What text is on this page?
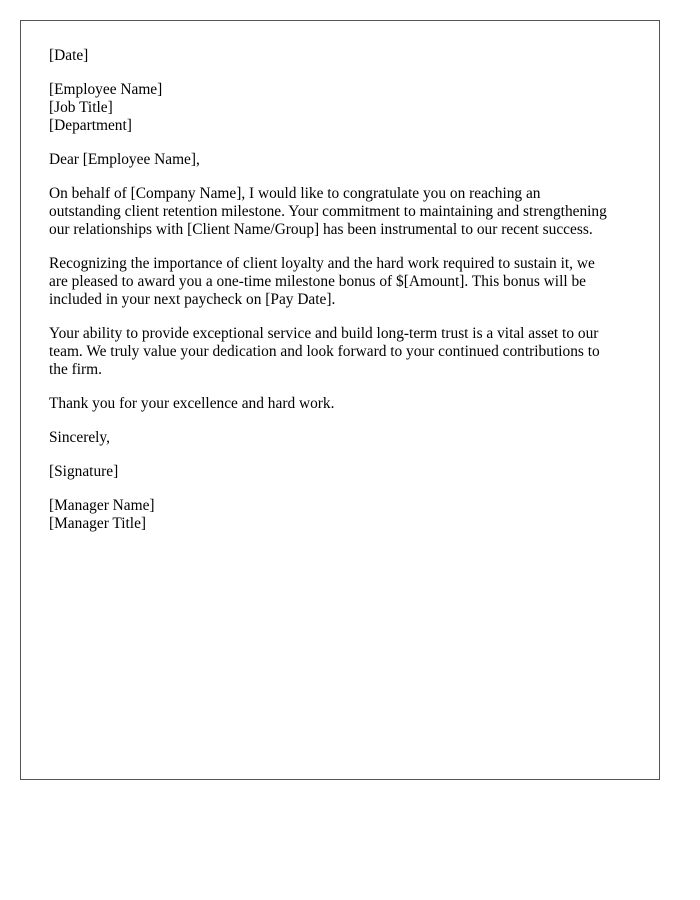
[Date]
[Employee Name]
[Job Title]
[Department]
Dear [Employee Name],
On behalf of [Company Name], I would like to congratulate you on reaching an
outstanding client retention milestone. Your commitment to maintaining and strengthening
our relationships with [Client Name/Group] has been instrumental to our recent success.
Recognizing the importance of client loyalty and the hard work required to sustain it, we
are pleased to award you a one-time milestone bonus of $[Amount]. This bonus will be
included in your next paycheck on [Pay Date].
Your ability to provide exceptional service and build long-term trust is a vital asset to our
team. We truly value your dedication and look forward to your continued contributions to
the firm.
Thank you for your excellence and hard work.
Sincerely,
[Signature]
[Manager Name]
[Manager Title]
